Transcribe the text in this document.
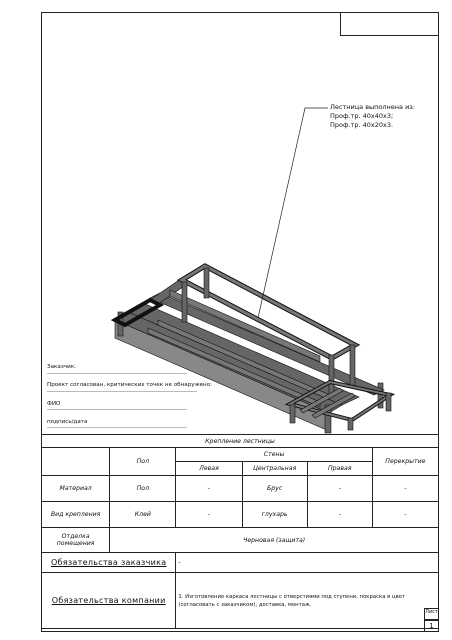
Лестница выполнена из:
Проф.тр. 40х40х3;
Проф.тр. 40х20х3.
Заказчик:
Проект согласован, критических точек не обнаружено:
ФИО
подпись/дата
Крепление лестницы					
	Пол	Стены			Перекрытие
		Левая	Центральная	Правая	
Материал	Пол	-	Брус	-	-
Вид крепления	Клей	-	глухарь	-	-
Отделка помещения	Черновая (защита)				
Обязательства заказчика		-			
Обязательства компании		1. Изготовление каркаса лестницы с отверстиями под ступени, покраска в цвет (согласовать с заказчиком), доставка, монтаж.			
Лист
1
